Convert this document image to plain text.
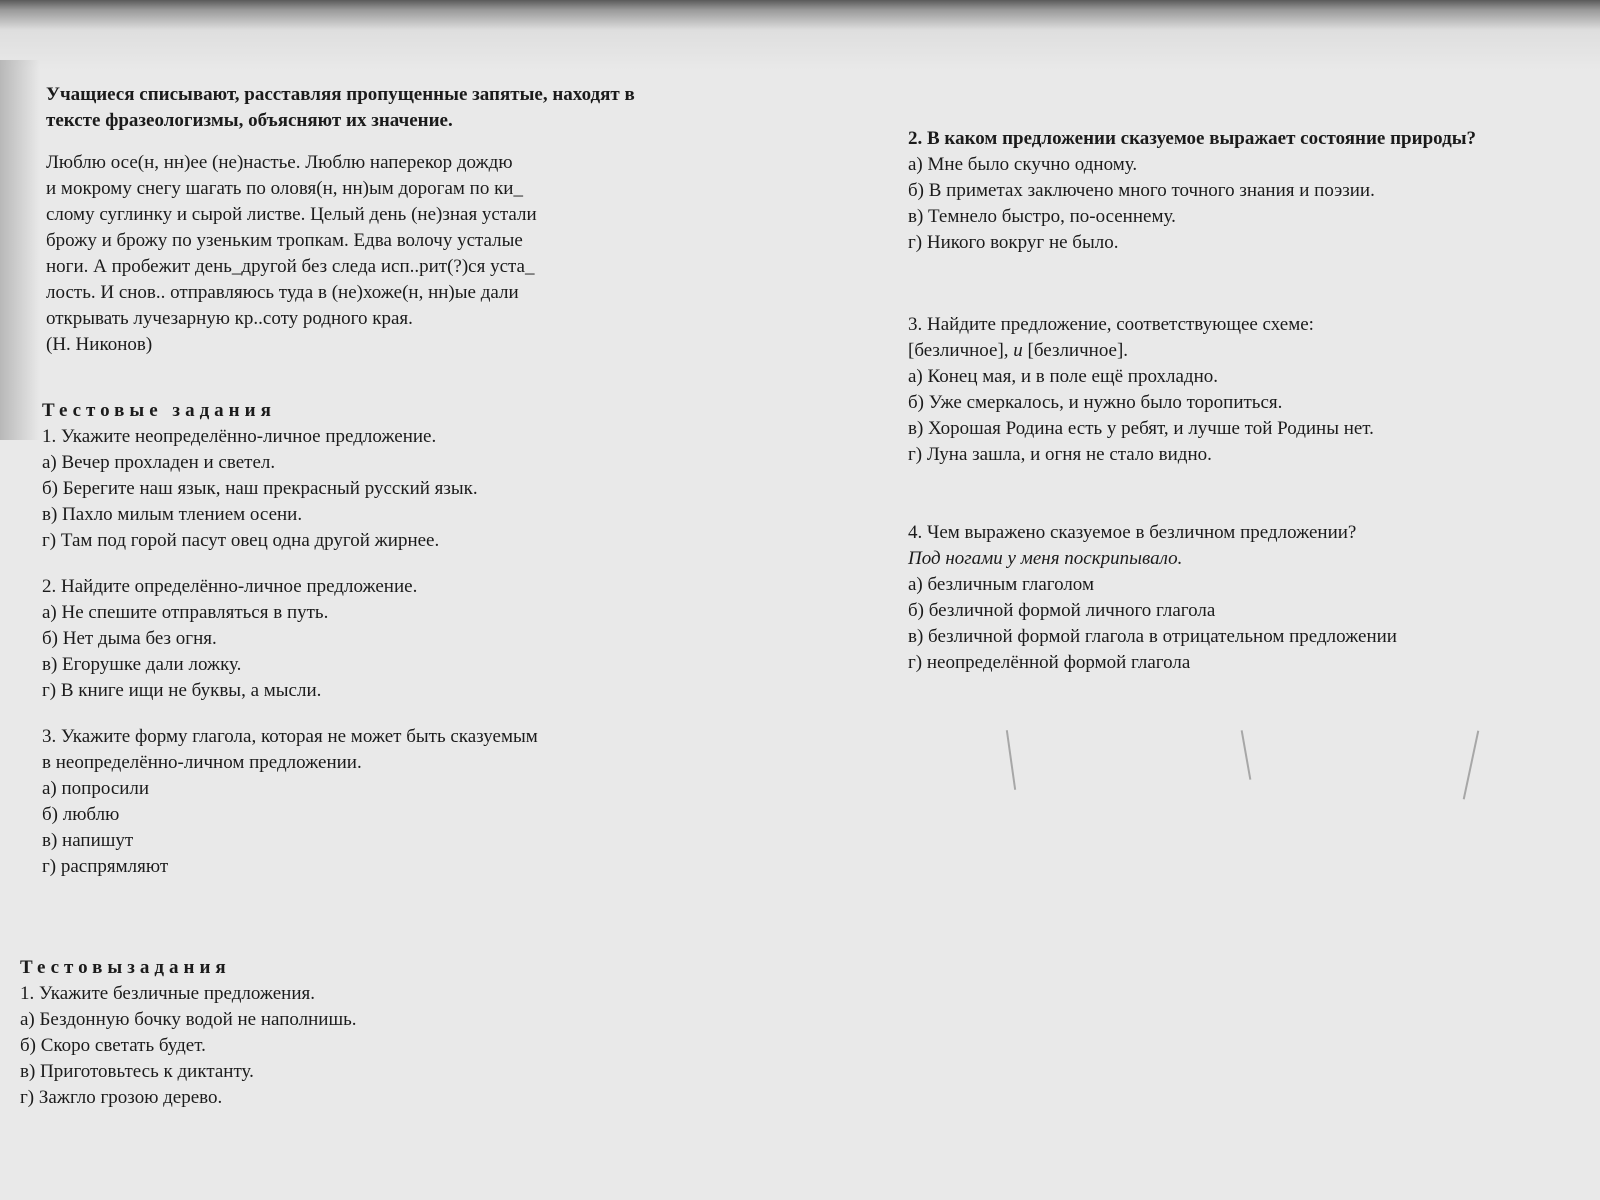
Учащиеся списывают, расставляя пропущенные запятые, находят в
тексте фразеологизмы, объясняют их значение.
Люблю осе(н, нн)ее (не)настье. Люблю наперекор дождю
и мокрому снегу шагать по оловя(н, нн)ым дорогам по ки_
слому суглинку и сырой листве. Целый день (не)зная устали
брожу и брожу по узеньким тропкам. Едва волочу усталые
ноги. А пробежит день_другой без следа исп..рит(?)ся уста_
лость. И снов.. отправляюсь туда в (не)хоже(н, нн)ые дали
открывать лучезарную кр..соту родного края.
(Н. Никонов)
Тестовые задания
1. Укажите неопределённо-личное предложение.
а) Вечер прохладен и светел.
б) Берегите наш язык, наш прекрасный русский язык.
в) Пахло милым тлением осени.
г) Там под горой пасут овец одна другой жирнее.
2. Найдите определённо-личное предложение.
а) Не спешите отправляться в путь.
б) Нет дыма без огня.
в) Егорушке дали ложку.
г) В книге ищи не буквы, а мысли.
3. Укажите форму глагола, которая не может быть сказуемым
в неопределённо-личном предложении.
а) попросили
б) люблю
в) напишут
г) распрямляют
Тестовызадания
1. Укажите безличные предложения.
а) Бездонную бочку водой не наполнишь.
б) Скоро светать будет.
в) Приготовьтесь к диктанту.
г) Зажгло грозою дерево.
2. В каком предложении сказуемое выражает состояние природы?
а) Мне было скучно одному.
б) В приметах заключено много точного знания и поэзии.
в) Темнело быстро, по-осеннему.
г) Никого вокруг не было.
3. Найдите предложение, соответствующее схеме:
[безличное], и [безличное].
а) Конец мая, и в поле ещё прохладно.
б) Уже смеркалось, и нужно было торопиться.
в) Хорошая Родина есть у ребят, и лучше той Родины нет.
г) Луна зашла, и огня не стало видно.
4. Чем выражено сказуемое в безличном предложении?
Под ногами у меня поскрипывало.
а) безличным глаголом
б) безличной формой личного глагола
в) безличной формой глагола в отрицательном предложении
г) неопределённой формой глагола
